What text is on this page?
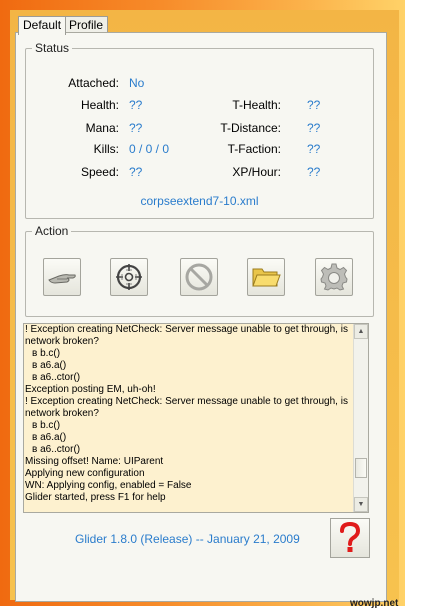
Default Profile
Status
Attached: No
Health: ??
Mana: ??
Kills: 0 / 0 / 0
Speed: ??
T-Health: ??
T-Distance: ??
T-Faction: ??
XP/Hour: ??
corpseextend7-10.xml
Action
! Exception creating NetCheck: Server message unable to get through, is
network broken?
в b.c()
в a6.a()
в a6..ctor()
Exception posting EM, uh-oh!
! Exception creating NetCheck: Server message unable to get through, is
network broken?
в b.c()
в a6.a()
в a6..ctor()
Missing offset! Name: UIParent
Applying new configuration
WN: Applying config, enabled = False
Glider started, press F1 for help
▲
▼
Glider 1.8.0 (Release) -- January 21, 2009
wowjp.net
